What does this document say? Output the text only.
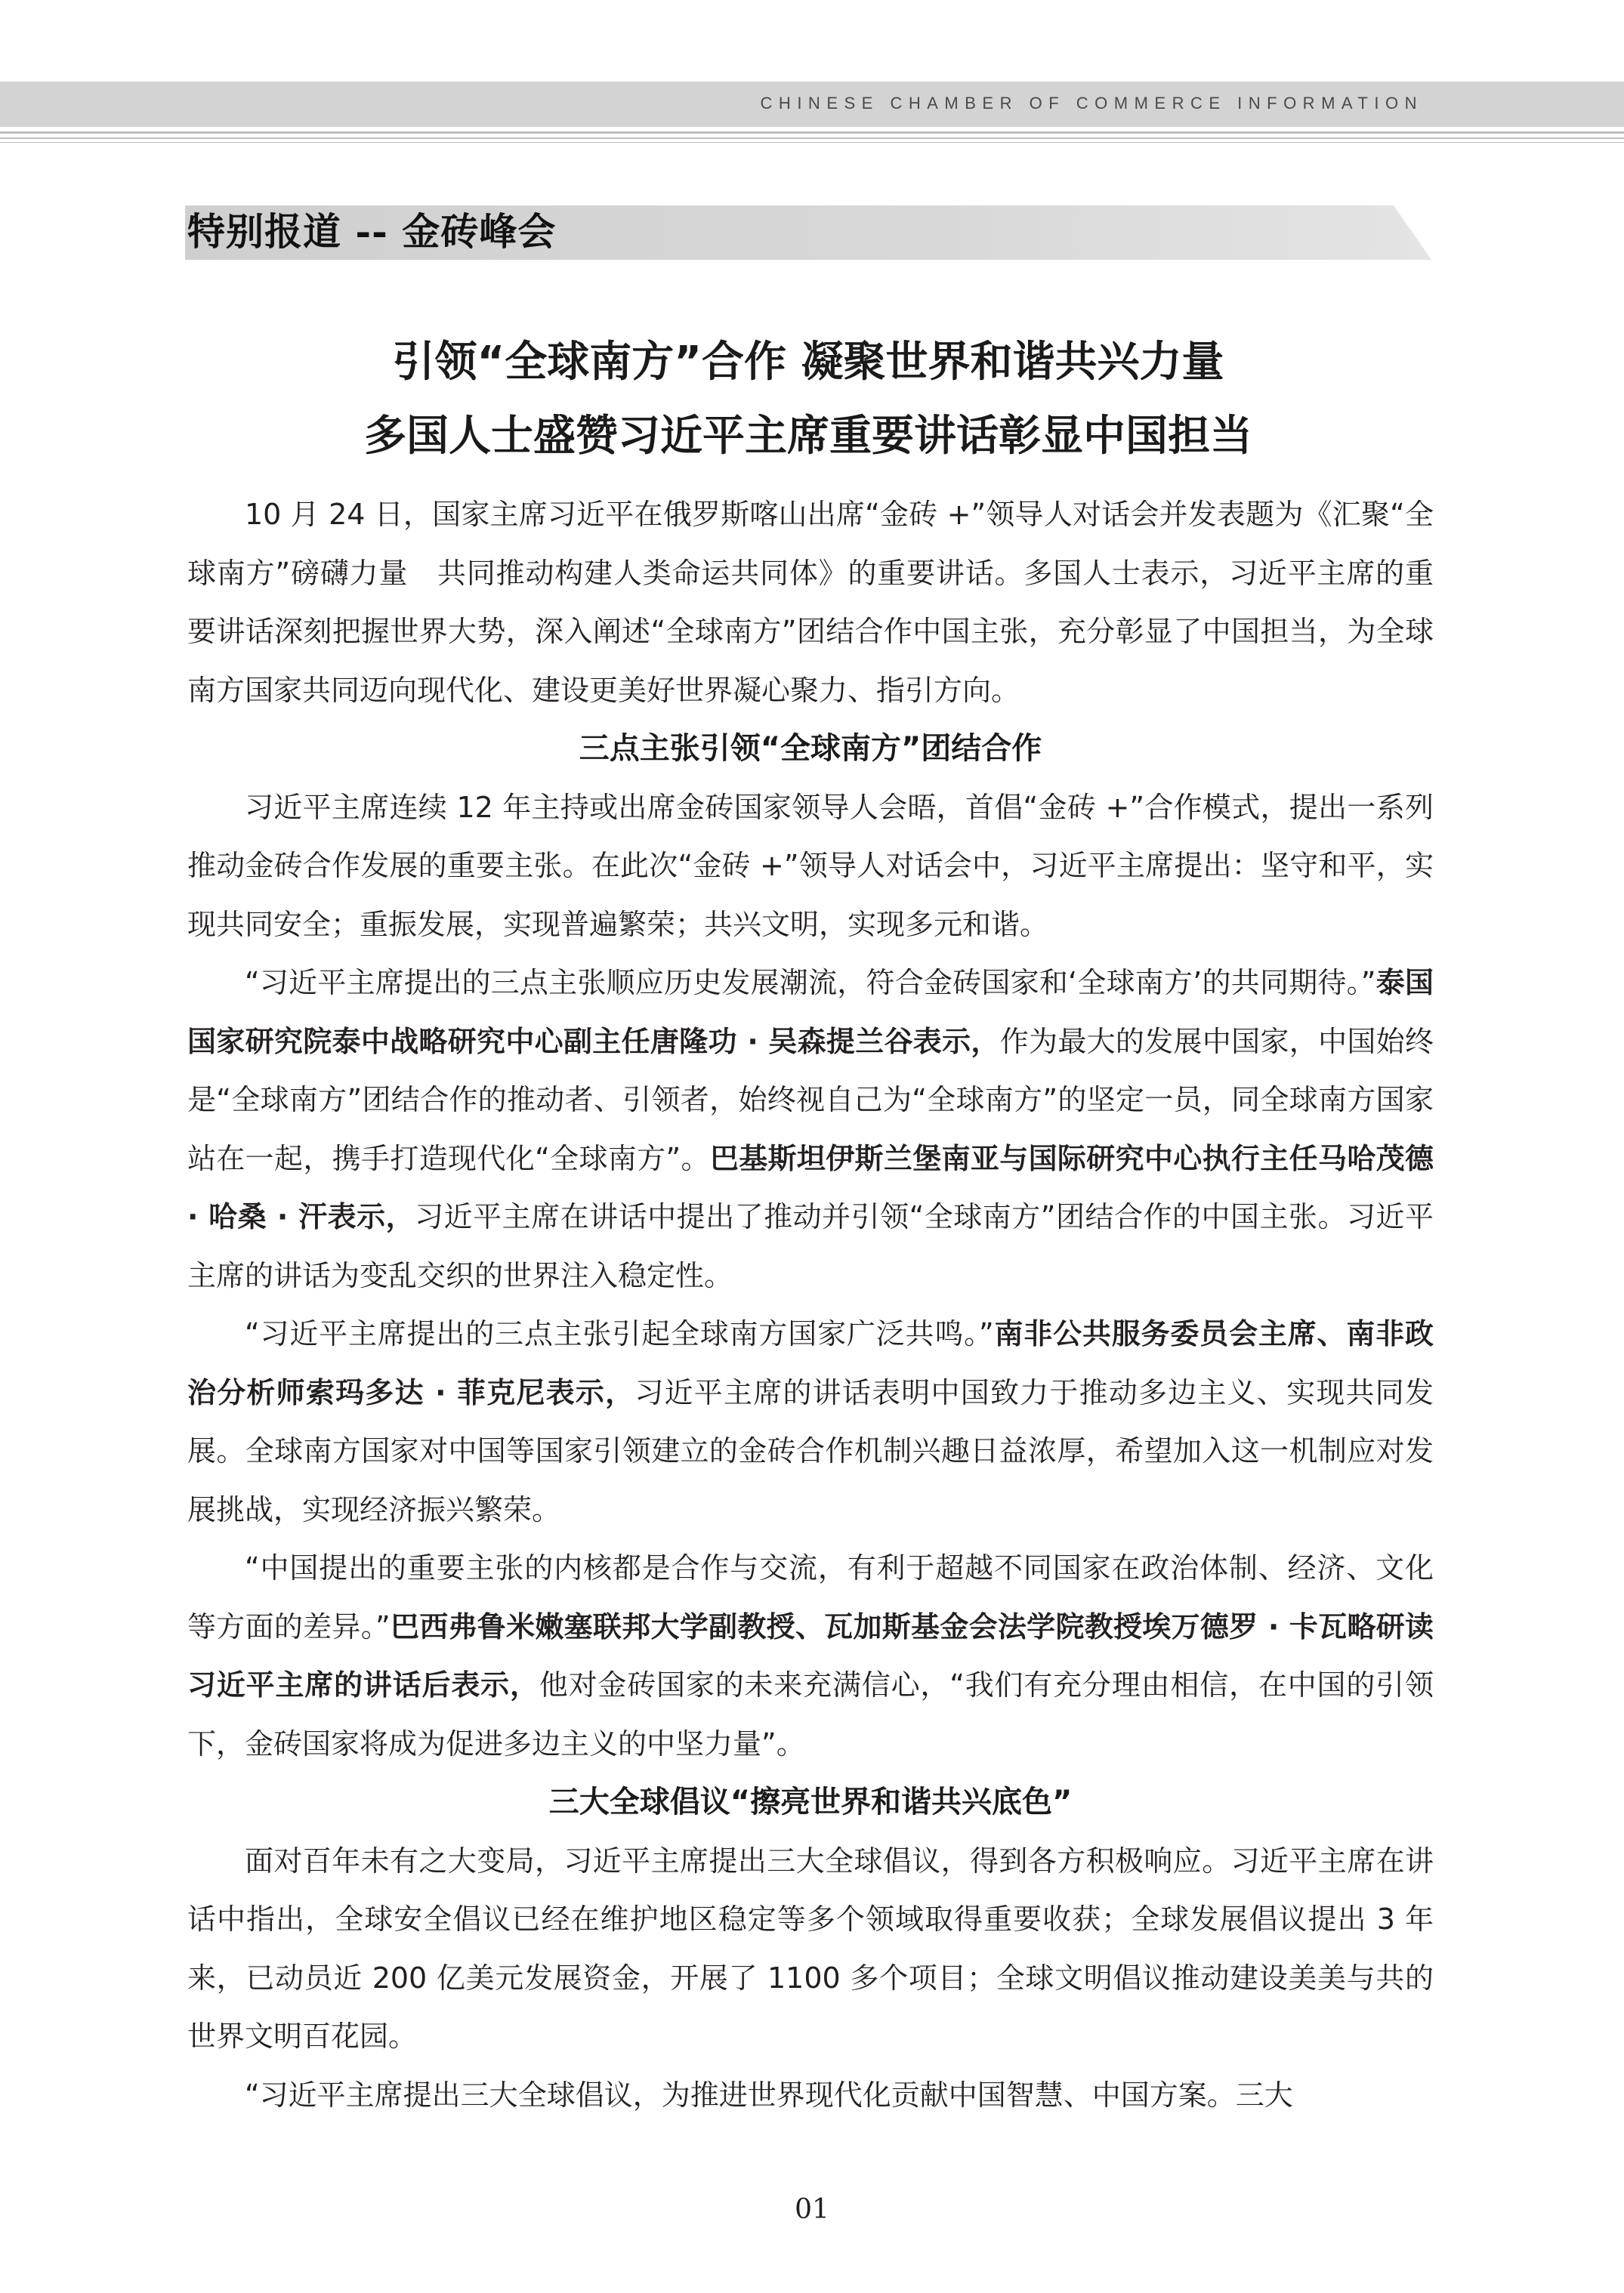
CHINESE CHAMBER OF COMMERCE INFORMATION
特别报道 -- 金砖峰会
引领“全球南方”合作 凝聚世界和谐共兴力量
多国人士盛赞习近平主席重要讲话彰显中国担当

10 月 24 日，国家主席习近平在俄罗斯喀山出席“金砖 +”领导人对话会并发表题为《汇聚“全球南方”磅礴力量　共同推动构建人类命运共同体》的重要讲话。多国人士表示，习近平主席的重要讲话深刻把握世界大势，深入阐述“全球南方”团结合作中国主张，充分彰显了中国担当，为全球南方国家共同迈向现代化、建设更美好世界凝心聚力、指引方向。

三点主张引领“全球南方”团结合作

习近平主席连续 12 年主持或出席金砖国家领导人会晤，首倡“金砖 +”合作模式，提出一系列推动金砖合作发展的重要主张。在此次“金砖 +”领导人对话会中，习近平主席提出：坚守和平，实现共同安全；重振发展，实现普遍繁荣；共兴文明，实现多元和谐。

“习近平主席提出的三点主张顺应历史发展潮流，符合金砖国家和‘全球南方’的共同期待。”泰国国家研究院泰中战略研究中心副主任唐隆功 · 吴森提兰谷表示，作为最大的发展中国家，中国始终是“全球南方”团结合作的推动者、引领者，始终视自己为“全球南方”的坚定一员，同全球南方国家站在一起，携手打造现代化“全球南方”。巴基斯坦伊斯兰堡南亚与国际研究中心执行主任马哈茂德 · 哈桑 · 汗表示，习近平主席在讲话中提出了推动并引领“全球南方”团结合作的中国主张。习近平主席的讲话为变乱交织的世界注入稳定性。

“习近平主席提出的三点主张引起全球南方国家广泛共鸣。”南非公共服务委员会主席、南非政治分析师索玛多达 · 菲克尼表示，习近平主席的讲话表明中国致力于推动多边主义、实现共同发展。全球南方国家对中国等国家引领建立的金砖合作机制兴趣日益浓厚，希望加入这一机制应对发展挑战，实现经济振兴繁荣。

“中国提出的重要主张的内核都是合作与交流，有利于超越不同国家在政治体制、经济、文化等方面的差异。”巴西弗鲁米嫩塞联邦大学副教授、瓦加斯基金会法学院教授埃万德罗 · 卡瓦略研读习近平主席的讲话后表示，他对金砖国家的未来充满信心，“我们有充分理由相信，在中国的引领下，金砖国家将成为促进多边主义的中坚力量”。

三大全球倡议“擦亮世界和谐共兴底色”

面对百年未有之大变局，习近平主席提出三大全球倡议，得到各方积极响应。习近平主席在讲话中指出，全球安全倡议已经在维护地区稳定等多个领域取得重要收获；全球发展倡议提出 3 年来，已动员近 200 亿美元发展资金，开展了 1100 多个项目；全球文明倡议推动建设美美与共的世界文明百花园。

“习近平主席提出三大全球倡议，为推进世界现代化贡献中国智慧、中国方案。三大

01
